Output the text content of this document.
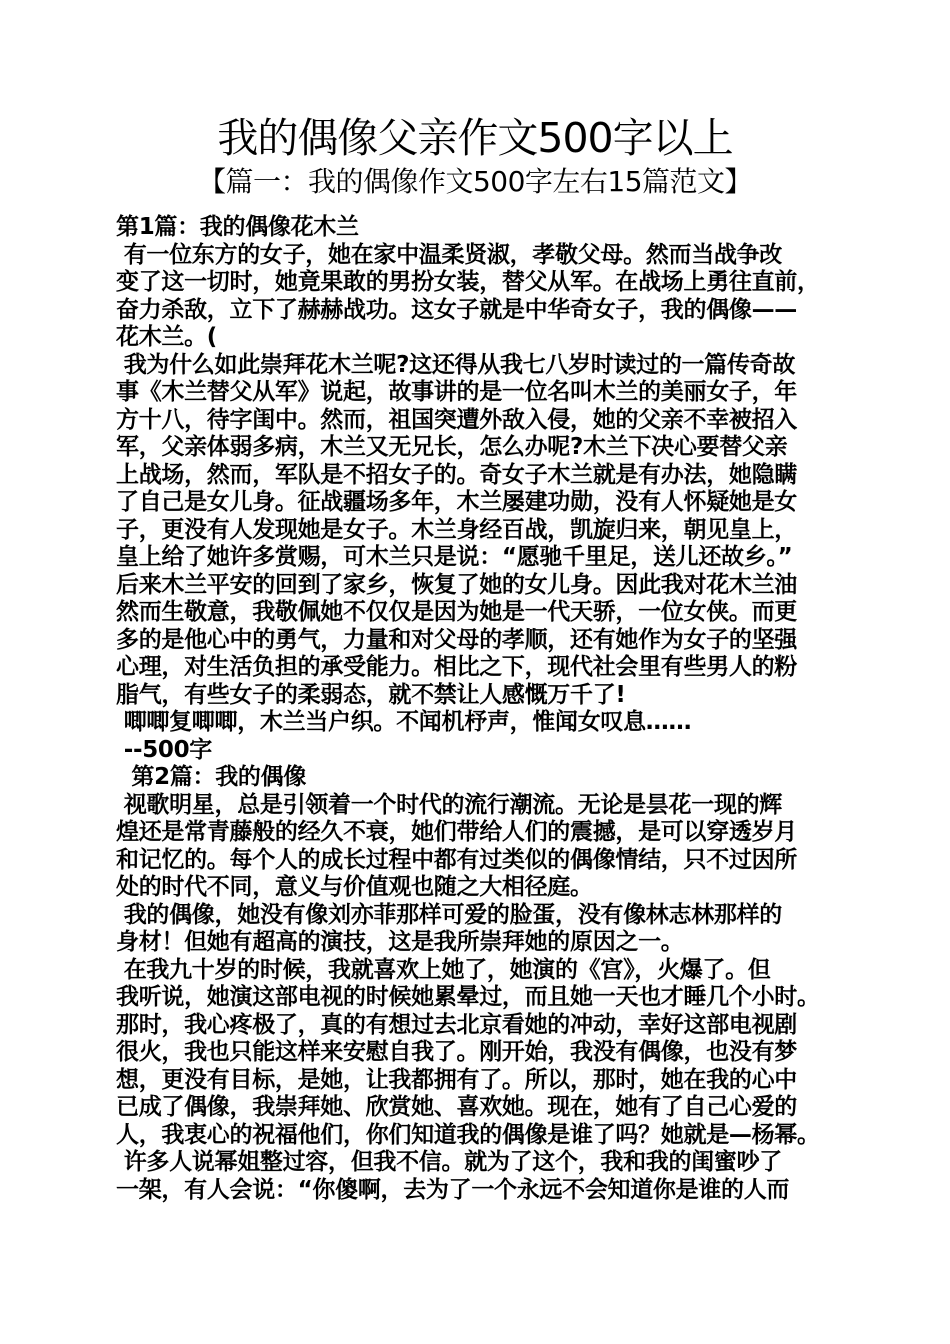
我的偶像父亲作文500字以上
【篇一：我的偶像作文500字左右15篇范文】
第1篇：我的偶像花木兰
有一位东方的女子，她在家中温柔贤淑，孝敬父母。然而当战争改
变了这一切时，她竟果敢的男扮女装，替父从军。在战场上勇往直前，
奋力杀敌，立下了赫赫战功。这女子就是中华奇女子，我的偶像——
花木兰。(
我为什么如此崇拜花木兰呢?这还得从我七八岁时读过的一篇传奇故
事《木兰替父从军》说起，故事讲的是一位名叫木兰的美丽女子，年
方十八，待字闺中。然而，祖国突遭外敌入侵，她的父亲不幸被招入
军，父亲体弱多病，木兰又无兄长，怎么办呢?木兰下决心要替父亲
上战场，然而，军队是不招女子的。奇女子木兰就是有办法，她隐瞒
了自己是女儿身。征战疆场多年，木兰屡建功勋，没有人怀疑她是女
子，更没有人发现她是女子。木兰身经百战，凯旋归来，朝见皇上，
皇上给了她许多赏赐，可木兰只是说：“愿驰千里足，送儿还故乡。”
后来木兰平安的回到了家乡，恢复了她的女儿身。因此我对花木兰油
然而生敬意，我敬佩她不仅仅是因为她是一代天骄，一位女侠。而更
多的是他心中的勇气，力量和对父母的孝顺，还有她作为女子的坚强
心理，对生活负担的承受能力。相比之下，现代社会里有些男人的粉
脂气，有些女子的柔弱态，就不禁让人感慨万千了!
唧唧复唧唧，木兰当户织。不闻机杼声，惟闻女叹息……
--500字
第2篇：我的偶像
视歌明星，总是引领着一个时代的流行潮流。无论是昙花一现的辉
煌还是常青藤般的经久不衰，她们带给人们的震撼，是可以穿透岁月
和记忆的。每个人的成长过程中都有过类似的偶像情结，只不过因所
处的时代不同，意义与价值观也随之大相径庭。
我的偶像，她没有像刘亦菲那样可爱的脸蛋，没有像林志林那样的
身材！但她有超高的演技，这是我所崇拜她的原因之一。
在我九十岁的时候，我就喜欢上她了，她演的《宫》，火爆了。但
我听说，她演这部电视的时候她累晕过，而且她一天也才睡几个小时。
那时，我心疼极了，真的有想过去北京看她的冲动，幸好这部电视剧
很火，我也只能这样来安慰自我了。刚开始，我没有偶像，也没有梦
想，更没有目标，是她，让我都拥有了。所以，那时，她在我的心中
已成了偶像，我崇拜她、欣赏她、喜欢她。现在，她有了自己心爱的
人，我衷心的祝福他们，你们知道我的偶像是谁了吗？她就是—杨幂。
许多人说幂姐整过容，但我不信。就为了这个，我和我的闺蜜吵了
一架，有人会说：“你傻啊，去为了一个永远不会知道你是谁的人而
